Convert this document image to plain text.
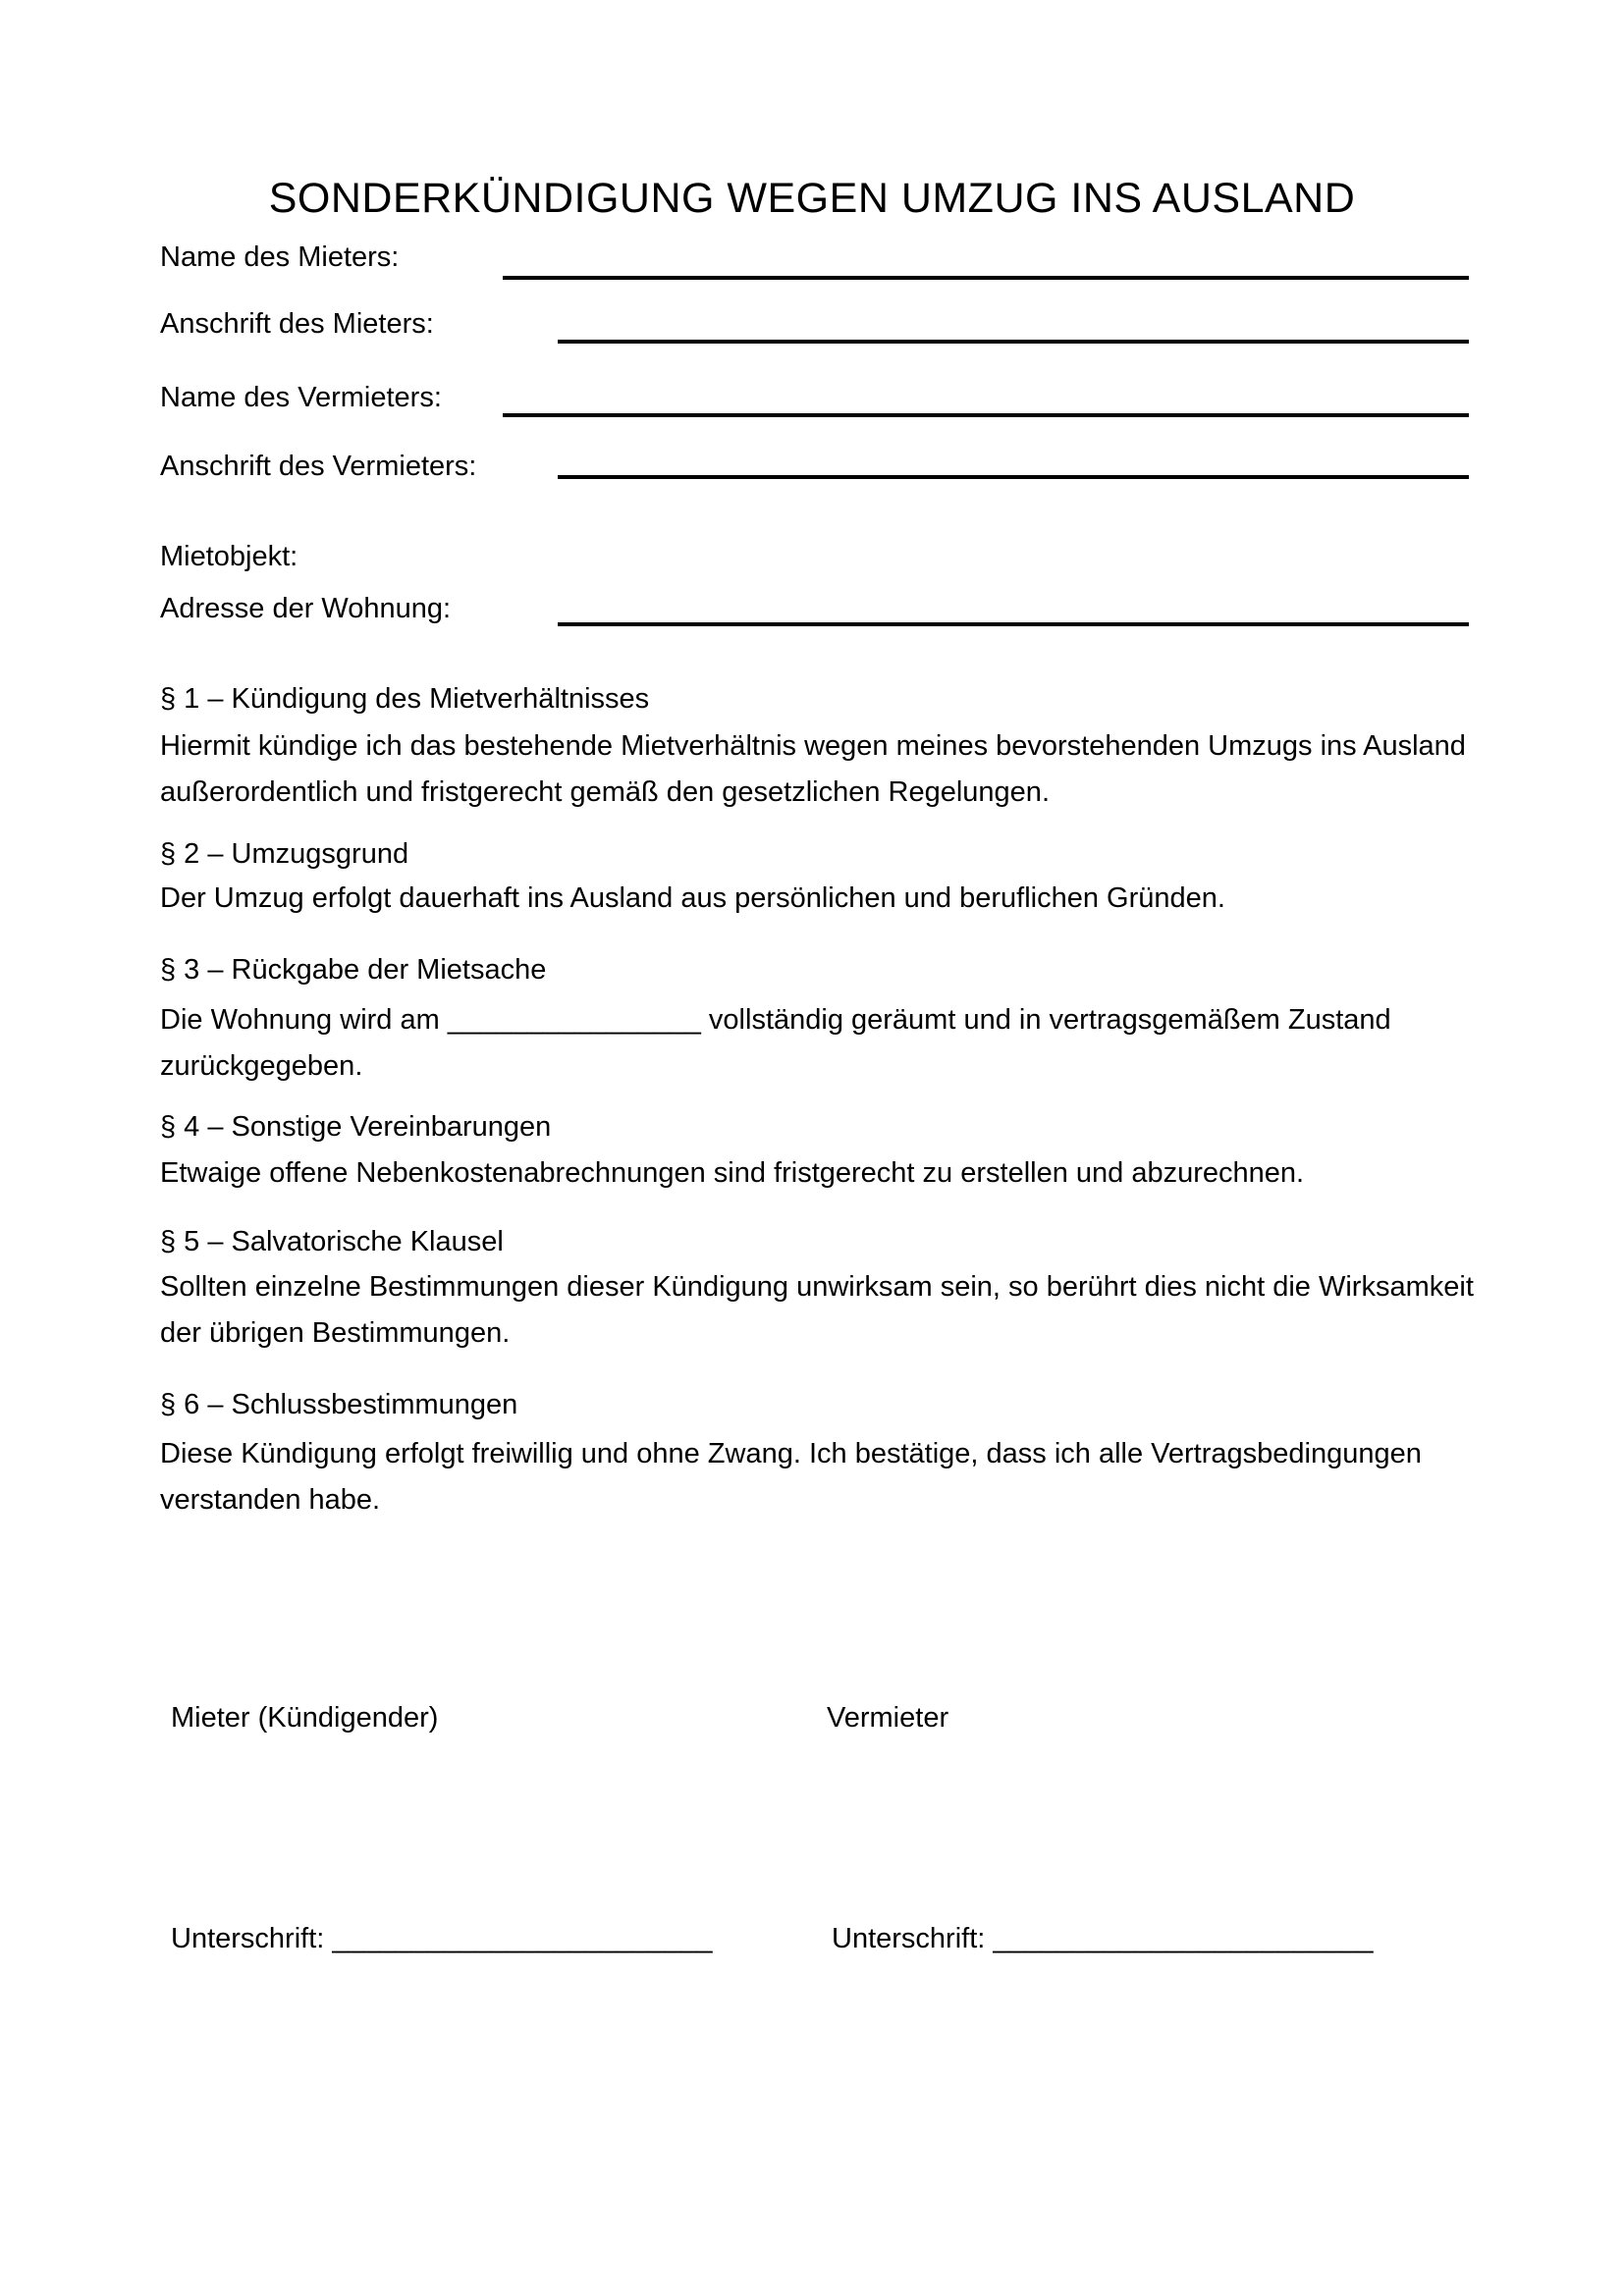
SONDERKÜNDIGUNG WEGEN UMZUG INS AUSLAND
Name des Mieters:
Anschrift des Mieters:
Name des Vermieters:
Anschrift des Vermieters:
Mietobjekt:
Adresse der Wohnung:
§ 1 – Kündigung des Mietverhältnisses
Hiermit kündige ich das bestehende Mietverhältnis wegen meines bevorstehenden Umzugs ins Ausland außerordentlich und fristgerecht gemäß den gesetzlichen Regelungen.
§ 2 – Umzugsgrund
Der Umzug erfolgt dauerhaft ins Ausland aus persönlichen und beruflichen Gründen.
§ 3 – Rückgabe der Mietsache
Die Wohnung wird am ________________ vollständig geräumt und in vertragsgemäßem Zustand zurückgegeben.
§ 4 – Sonstige Vereinbarungen
Etwaige offene Nebenkostenabrechnungen sind fristgerecht zu erstellen und abzurechnen.
§ 5 – Salvatorische Klausel
Sollten einzelne Bestimmungen dieser Kündigung unwirksam sein, so berührt dies nicht die Wirksamkeit der übrigen Bestimmungen.
§ 6 – Schlussbestimmungen
Diese Kündigung erfolgt freiwillig und ohne Zwang. Ich bestätige, dass ich alle Vertragsbedingungen verstanden habe.
Mieter (Kündigender)	Vermieter
Unterschrift: ________________________	Unterschrift: ________________________
